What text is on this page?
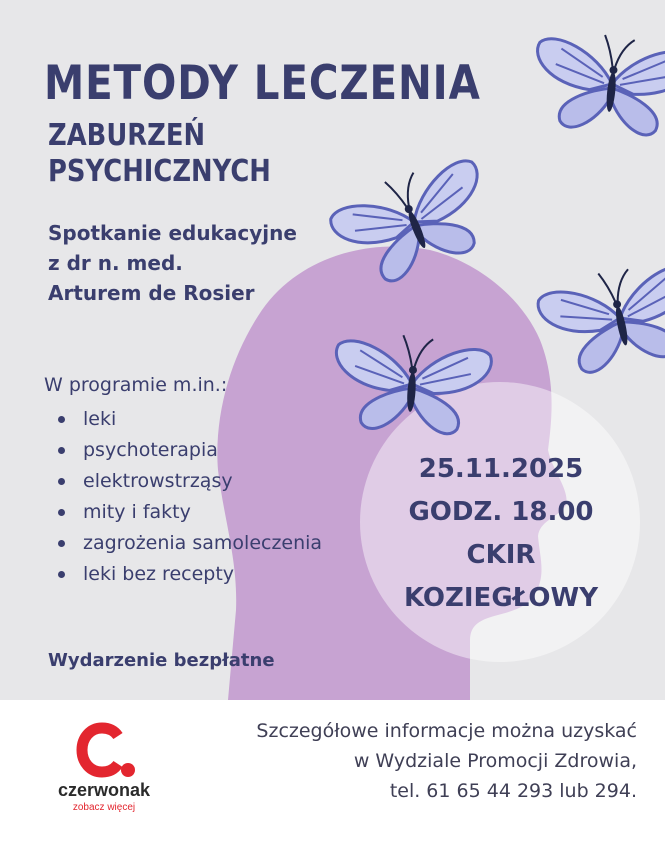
METODY LECZENIA
ZABURZEŃ
PSYCHICZNYCH
Spotkanie edukacyjne
z dr n. med.
Arturem de Rosier
W programie m.in.:
leki
psychoterapia
elektrowstrząsy
mity i fakty
zagrożenia samoleczenia
leki bez recepty
25.11.2025
GODZ. 18.00
CKIR
KOZIEGŁOWY
Wydarzenie bezpłatne
czerwonak
zobacz więcej
Szczegółowe informacje można uzyskać
w Wydziale Promocji Zdrowia,
tel. 61 65 44 293 lub 294.
